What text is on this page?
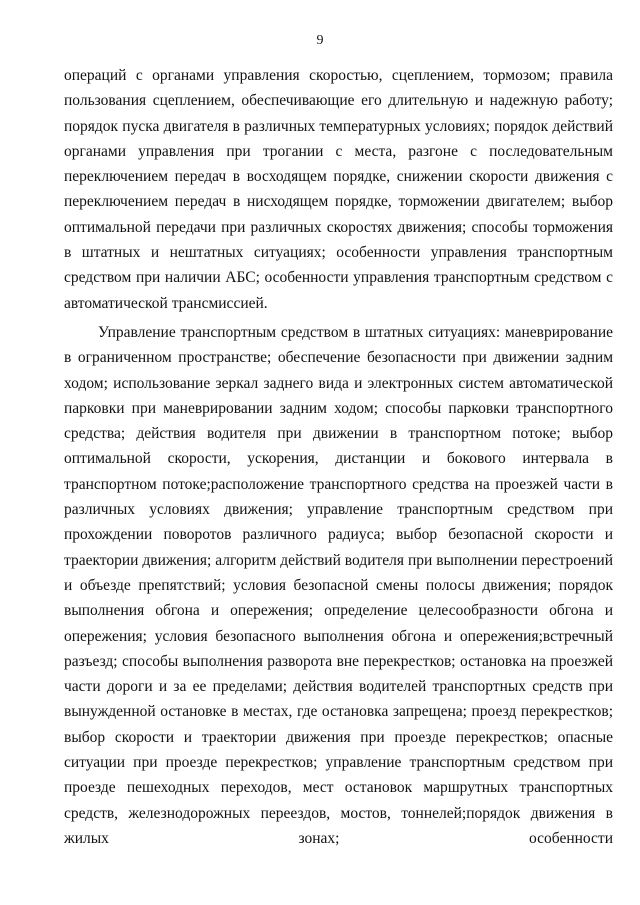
9

операций с органами управления скоростью, сцеплением, тормозом; правила пользования сцеплением, обеспечивающие его длительную и надежную работу; порядок пуска двигателя в различных температурных условиях; порядок действий органами управления при трогании с места, разгоне с последовательным переключением передач в восходящем порядке, снижении скорости движения с переключением передач в нисходящем порядке, торможении двигателем; выбор оптимальной передачи при различных скоростях движения; способы торможения в штатных и нештатных ситуациях; особенности управления транспортным средством при наличии АБС; особенности управления транспортным средством с автоматической трансмиссией.

Управление транспортным средством в штатных ситуациях: маневрирование в ограниченном пространстве; обеспечение безопасности при движении задним ходом; использование зеркал заднего вида и электронных систем автоматической парковки при маневрировании задним ходом; способы парковки транспортного средства; действия водителя при движении в транспортном потоке; выбор оптимальной скорости, ускорения, дистанции и бокового интервала в транспортном потоке;расположение транспортного средства на проезжей части в различных условиях движения; управление транспортным средством при прохождении поворотов различного радиуса; выбор безопасной скорости и траектории движения; алгоритм действий водителя при выполнении перестроений и объезде препятствий; условия безопасной смены полосы движения; порядок выполнения обгона и опережения; определение целесообразности обгона и опережения; условия безопасного выполнения обгона и опережения;встречный разъезд; способы выполнения разворота вне перекрестков; остановка на проезжей части дороги и за ее пределами; действия водителей транспортных средств при вынужденной остановке в местах, где остановка запрещена; проезд перекрестков; выбор скорости и траектории движения при проезде перекрестков; опасные ситуации при проезде перекрестков; управление транспортным средством при проезде пешеходных переходов, мест остановок маршрутных транспортных средств, железнодорожных переездов, мостов, тоннелей;порядок движения в жилых зонах; особенности
